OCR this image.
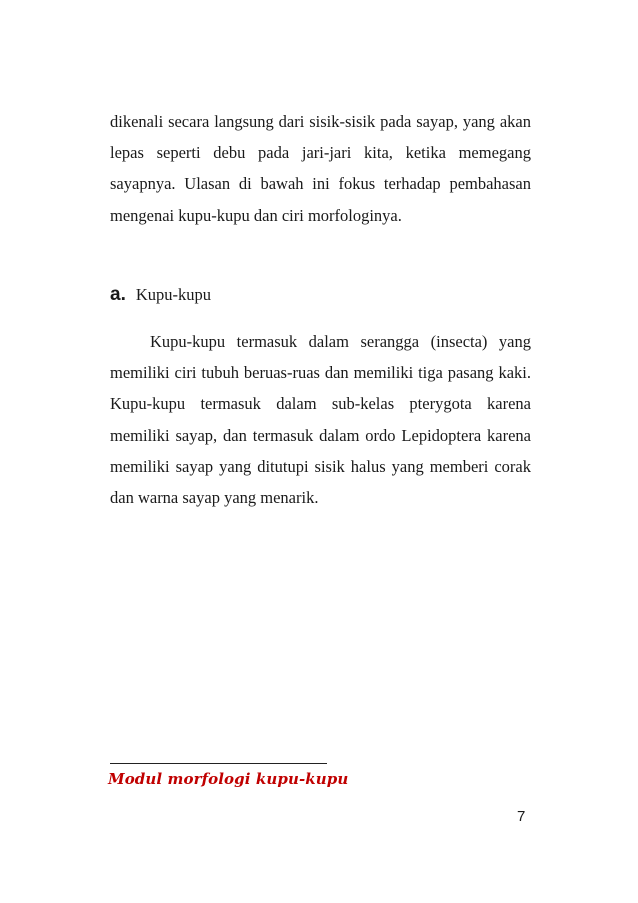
dikenali secara langsung dari sisik-sisik pada sayap, yang akan lepas seperti debu pada jari-jari kita, ketika memegang sayapnya. Ulasan di bawah ini fokus terhadap pembahasan mengenai kupu-kupu dan ciri morfologinya.

a. Kupu-kupu

Kupu-kupu termasuk dalam serangga (insecta) yang memiliki ciri tubuh beruas-ruas dan memiliki tiga pasang kaki. Kupu-kupu termasuk dalam sub-kelas pterygota karena memiliki sayap, dan termasuk dalam ordo Lepidoptera karena memiliki sayap yang ditutupi sisik halus yang memberi corak dan warna sayap yang menarik.

Modul morfologi kupu-kupu
7
